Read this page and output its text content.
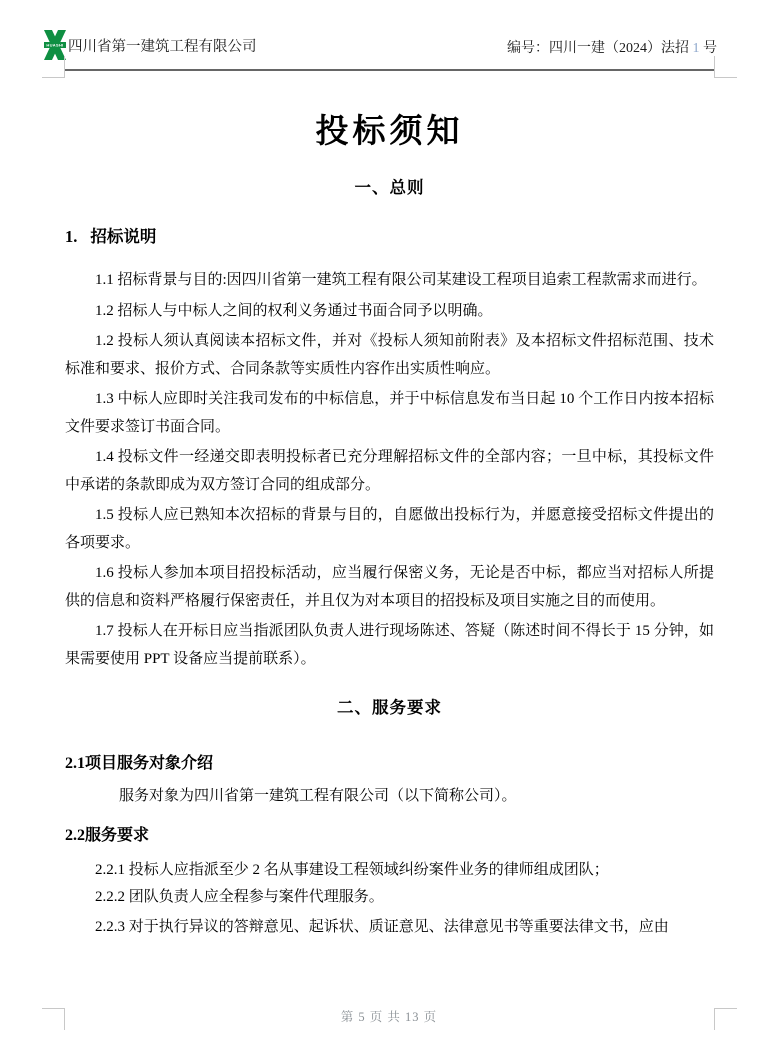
HUASHI 四川省第一建筑工程有限公司	编号：四川一建（2024）法招 1 号
投标须知
一、总则
1. 招标说明

1.1 招标背景与目的:因四川省第一建筑工程有限公司某建设工程项目追索工程款需求而进行。

1.2 招标人与中标人之间的权利义务通过书面合同予以明确。

1.2 投标人须认真阅读本招标文件，并对《投标人须知前附表》及本招标文件招标范围、技术标准和要求、报价方式、合同条款等实质性内容作出实质性响应。

1.3 中标人应即时关注我司发布的中标信息，并于中标信息发布当日起 10 个工作日内按本招标文件要求签订书面合同。

1.4 投标文件一经递交即表明投标者已充分理解招标文件的全部内容；一旦中标，其投标文件中承诺的条款即成为双方签订合同的组成部分。

1.5 投标人应已熟知本次招标的背景与目的，自愿做出投标行为，并愿意接受招标文件提出的各项要求。

1.6 投标人参加本项目招投标活动，应当履行保密义务，无论是否中标，都应当对招标人所提供的信息和资料严格履行保密责任，并且仅为对本项目的招投标及项目实施之目的而使用。

1.7 投标人在开标日应当指派团队负责人进行现场陈述、答疑（陈述时间不得长于 15 分钟，如果需要使用 PPT 设备应当提前联系）。

二、服务要求
2.1项目服务对象介绍

服务对象为四川省第一建筑工程有限公司（以下简称公司）。

2.2服务要求

2.2.1 投标人应指派至少 2 名从事建设工程领域纠纷案件业务的律师组成团队；

2.2.2 团队负责人应全程参与案件代理服务。

2.2.3 对于执行异议的答辩意见、起诉状、质证意见、法律意见书等重要法律文书，应由

第 5 页 共 13 页
